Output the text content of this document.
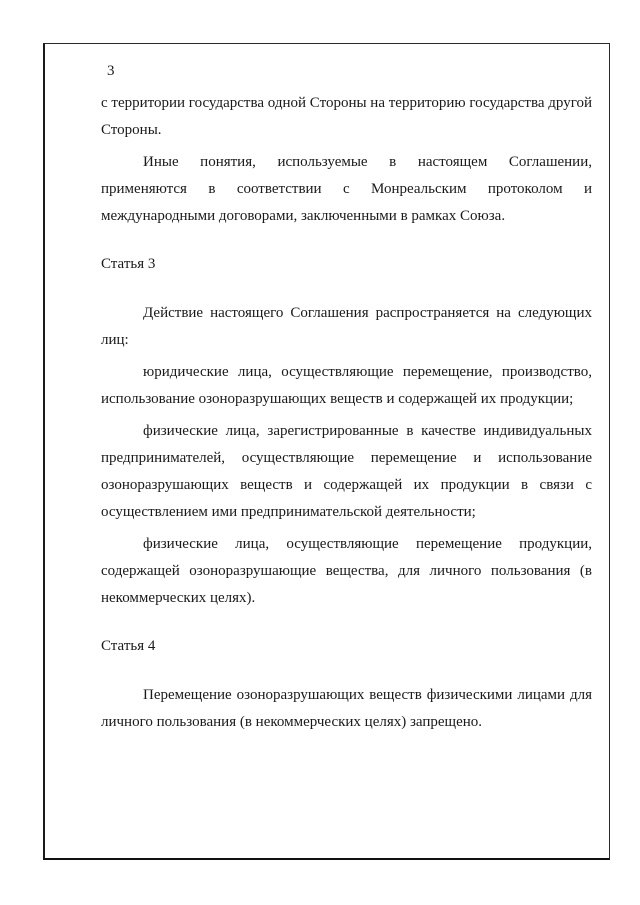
3

с территории государства одной Стороны на территорию государства другой Стороны.

Иные понятия, используемые в настоящем Соглашении, применяются в соответствии с Монреальским протоколом и международными договорами, заключенными в рамках Союза.

Статья 3

Действие настоящего Соглашения распространяется на следующих лиц:

юридические лица, осуществляющие перемещение, производство, использование озоноразрушающих веществ и содержащей их продукции;

физические лица, зарегистрированные в качестве индивидуальных предпринимателей, осуществляющие перемещение и использование озоноразрушающих веществ и содержащей их продукции в связи с осуществлением ими предпринимательской деятельности;

физические лица, осуществляющие перемещение продукции, содержащей озоноразрушающие вещества, для личного пользования (в некоммерческих целях).

Статья 4

Перемещение озоноразрушающих веществ физическими лицами для личного пользования (в некоммерческих целях) запрещено.
